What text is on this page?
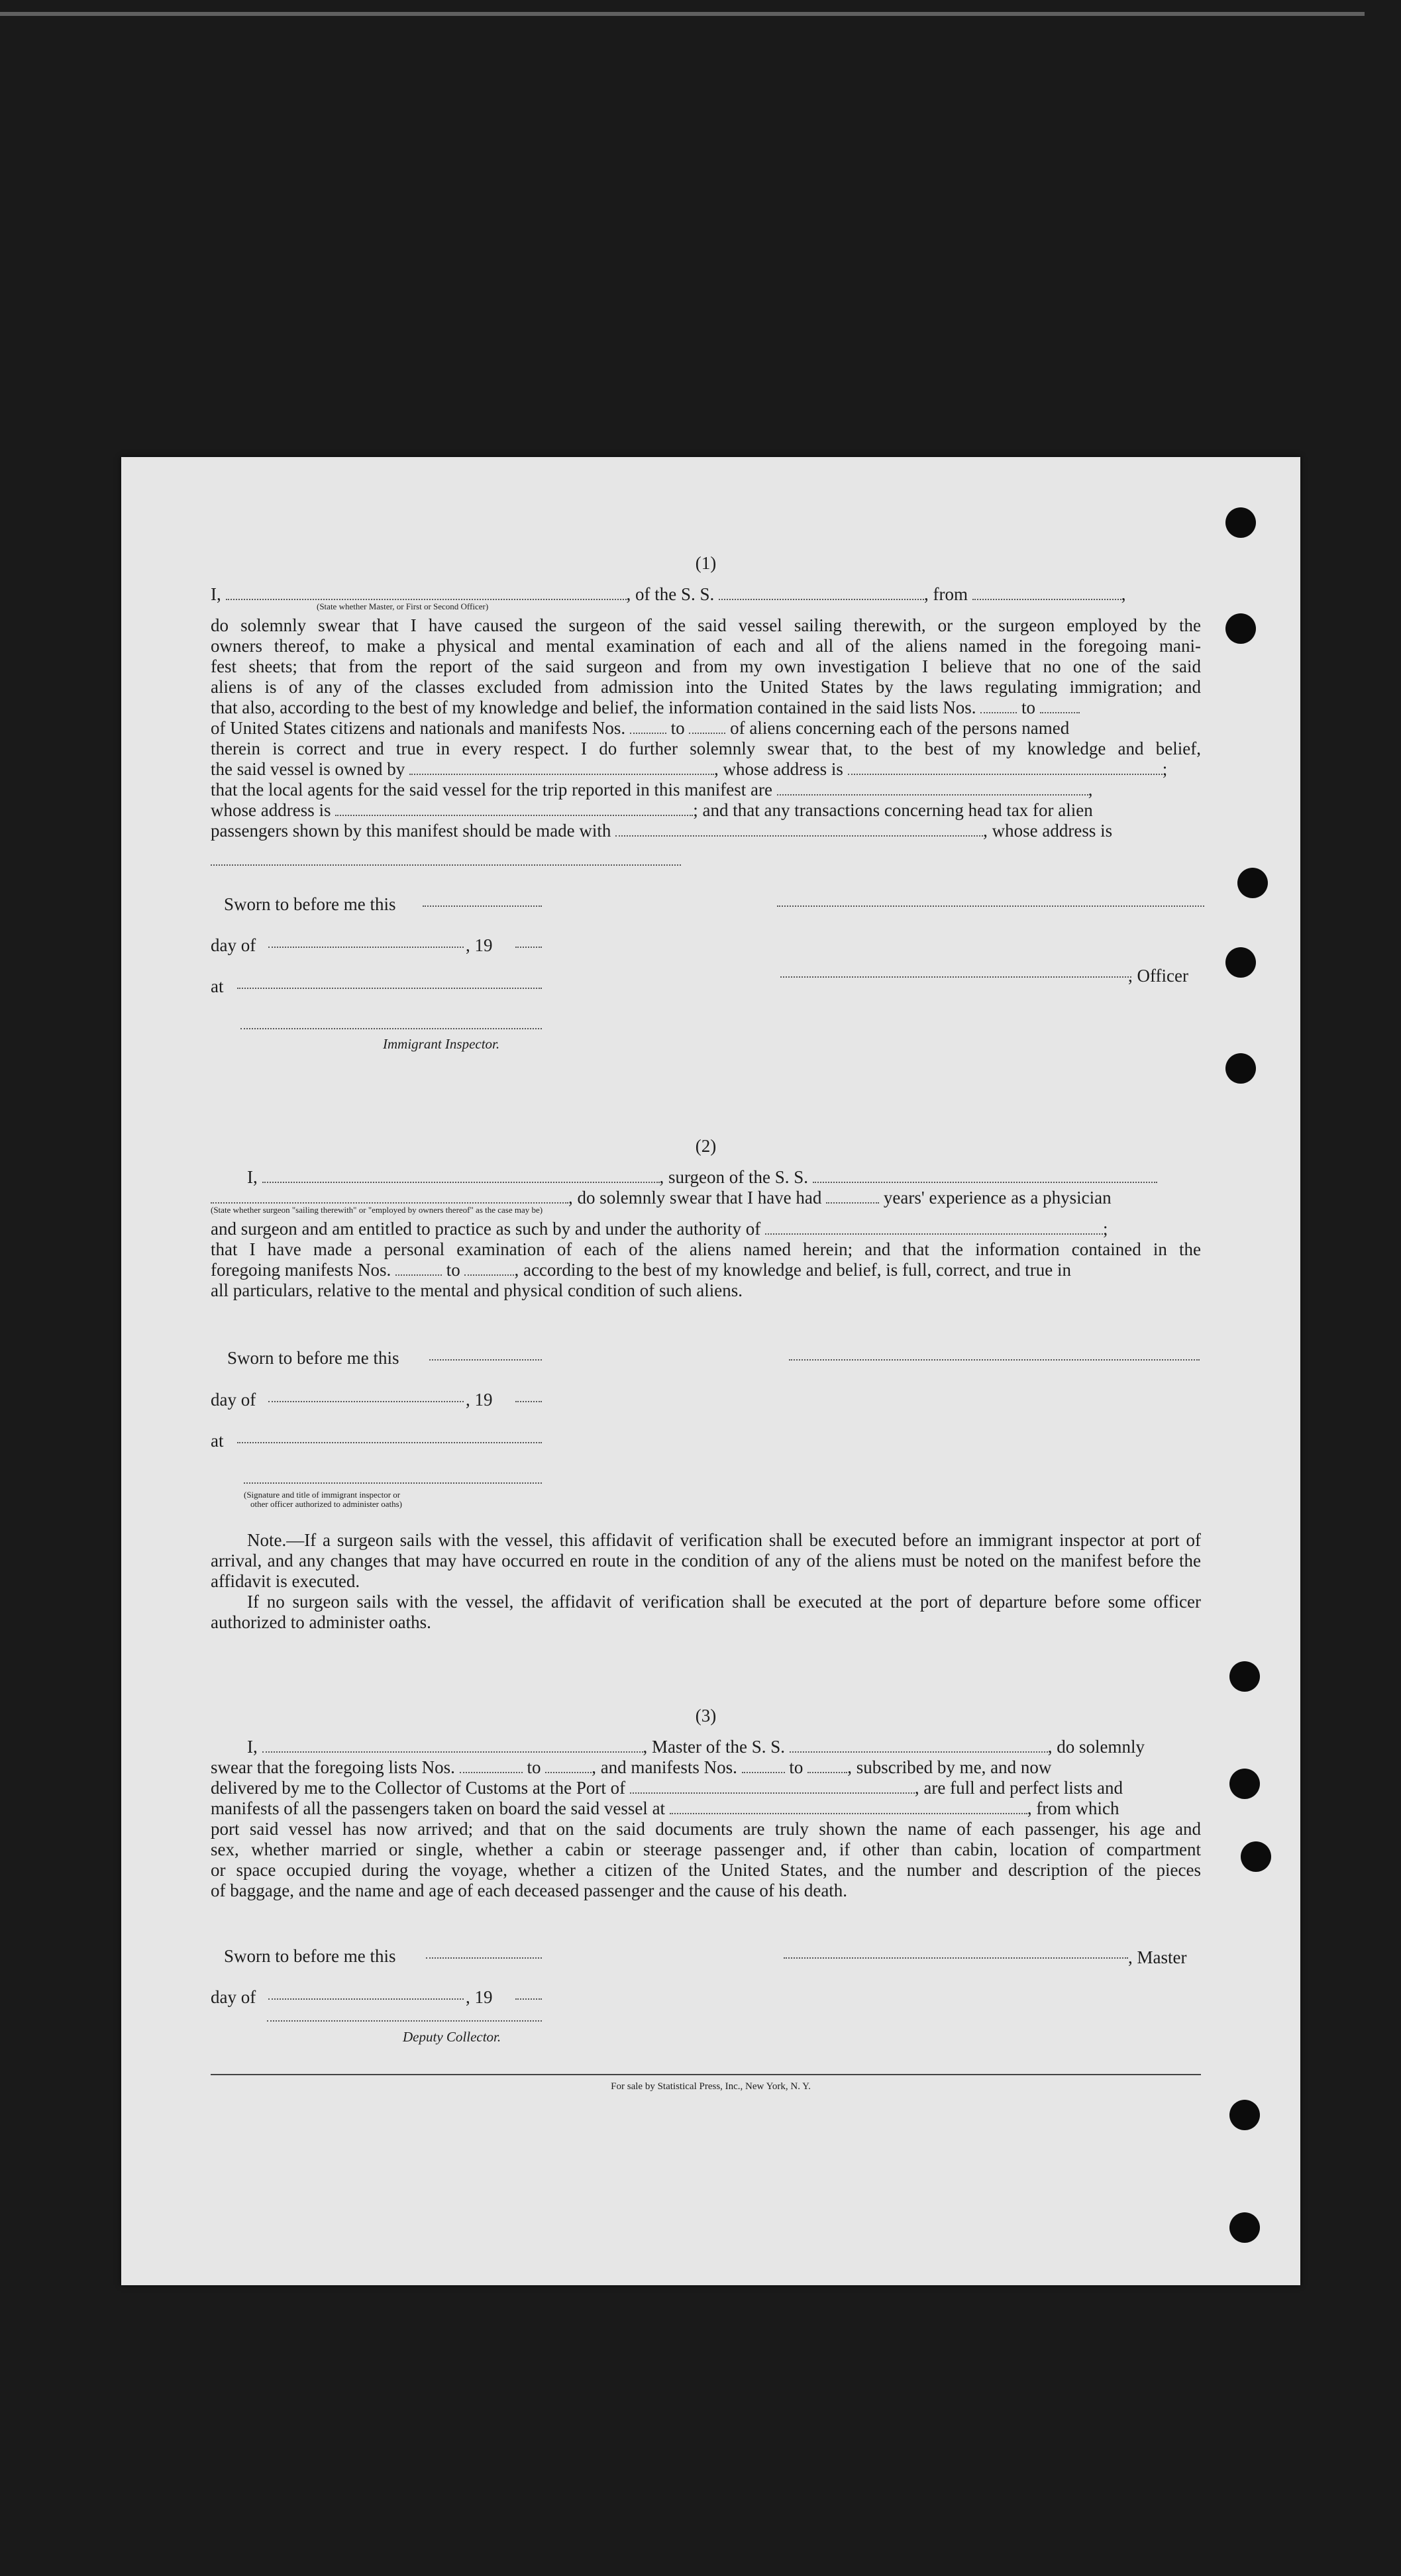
(1)
I,	, of the S. S.	, from	,
(State whether Master, or First or Second Officer)
do solemnly swear that I have caused the surgeon of the said vessel sailing therewith, or the surgeon employed by the
owners thereof, to make a physical and mental examination of each and all of the aliens named in the foregoing mani-
fest sheets; that from the report of the said surgeon and from my own investigation I believe that no one of the said
aliens is of any of the classes excluded from admission into the United States by the laws regulating immigration; and
that also, according to the best of my knowledge and belief, the information contained in the said lists Nos.	to
of United States citizens and nationals and manifests Nos.	to	of aliens concerning each of the persons named
therein is correct and true in every respect. I do further solemnly swear that, to the best of my knowledge and belief,
the said vessel is owned by	, whose address is	;
that the local agents for the said vessel for the trip reported in this manifest are	,
whose address is	; and that any transactions concerning head tax for alien
passengers shown by this manifest should be made with	, whose address is
Sworn to before me this
day of	, 19
, Officer
at
Immigrant Inspector.
(2)
I,	, surgeon of the S. S.
, do solemnly swear that I have had	years' experience as a physician
(State whether surgeon "sailing therewith" or "employed by owners thereof" as the case may be)
and surgeon and am entitled to practice as such by and under the authority of	;
that I have made a personal examination of each of the aliens named herein; and that the information contained in the
foregoing manifests Nos.	to	, according to the best of my knowledge and belief, is full, correct, and true in
all particulars, relative to the mental and physical condition of such aliens.
Sworn to before me this
day of	, 19
at
(Signature and title of immigrant inspector or
other officer authorized to administer oaths)

Note.—If a surgeon sails with the vessel, this affidavit of verification shall be executed before an immigrant inspector at port of arrival, and any changes that may have occurred en route in the condition of any of the aliens must be noted on the manifest before the affidavit is executed.

If no surgeon sails with the vessel, the affidavit of verification shall be executed at the port of departure before some officer authorized to administer oaths.

(3)
I,	, Master of the S. S.	, do solemnly
swear that the foregoing lists Nos.	to	, and manifests Nos.	to , subscribed by me, and now
delivered by me to the Collector of Customs at the Port of	, are full and perfect lists and
manifests of all the passengers taken on board the said vessel at	, from which
port said vessel has now arrived; and that on the said documents are truly shown the name of each passenger, his age and
sex, whether married or single, whether a cabin or steerage passenger and, if other than cabin, location of compartment
or space occupied during the voyage, whether a citizen of the United States, and the number and description of the pieces
of baggage, and the name and age of each deceased passenger and the cause of his death.
Sworn to before me this	, Master
day of	, 19
Deputy Collector.
For sale by Statistical Press, Inc., New York, N. Y.
